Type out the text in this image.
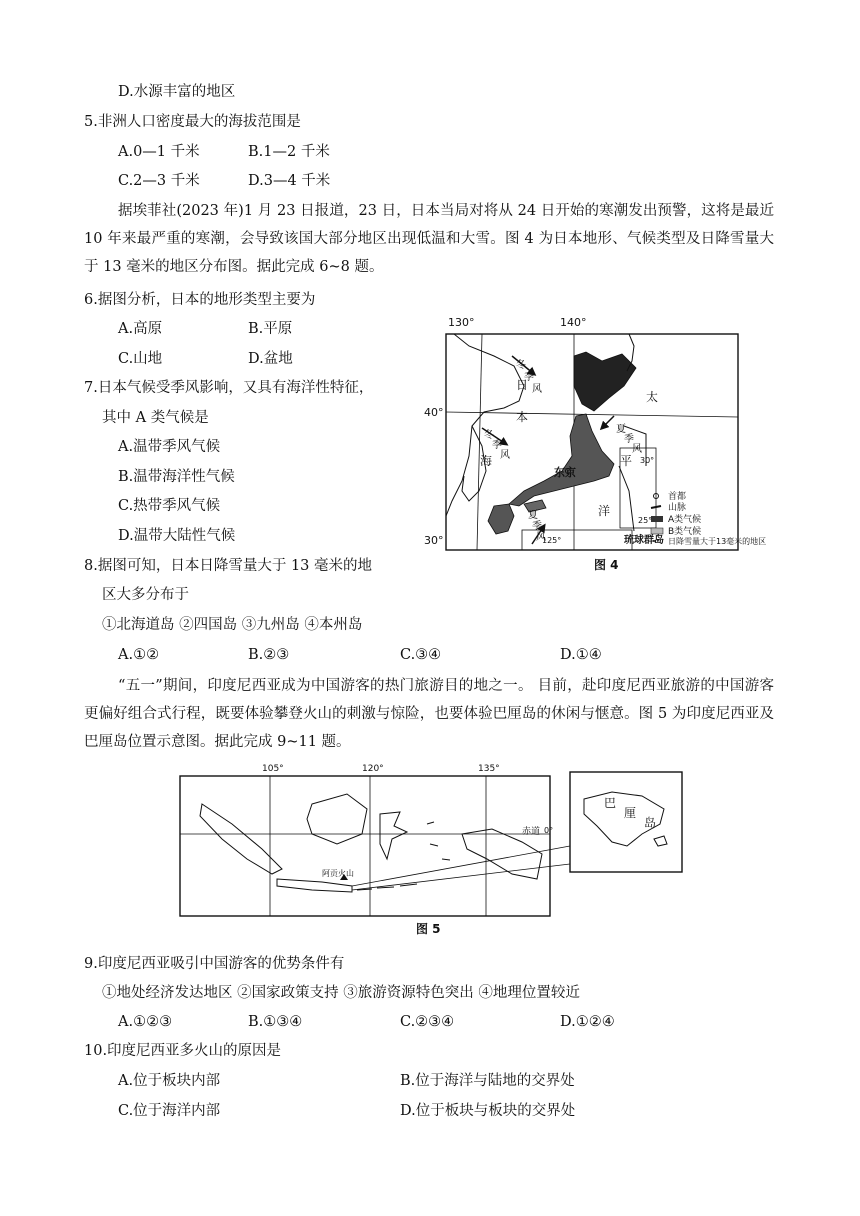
D.水源丰富的地区
5.非洲人口密度最大的海拔范围是
A.0—1 千米	B.1—2 千米
C.2—3 千米	D.3—4 千米
据埃菲社(2023 年)1 月 23 日报道，23 日，日本当局对将从 24 日开始的寒潮发出预警，这将是最近 10 年来最严重的寒潮，会导致该国大部分地区出现低温和大雪。图 4 为日本地形、气候类型及日降雪量大于 13 毫米的地区分布图。据此完成 6~8 题。
6.据图分析，日本的地形类型主要为
A.高原	B.平原
C.山地	D.盆地
7.日本气候受季风影响，又具有海洋性特征，
其中 A 类气候是
A.温带季风气候
B.温带海洋性气候
C.热带季风气候
D.温带大陆性气候
8.据图可知，日本日降雪量大于 13 毫米的地
区大多分布于
①北海道岛 ②四国岛 ③九州岛 ④本州岛
A.①②	B.②③	C.③④	D.①④
130°	140°
40°
30°
东京
琉球群岛
30°
25°
125°
冬
季
风
日
本
冬
季
风
海
太
平
洋
夏
季
风
夏
季
风
首都
山脉
A类气候
B类气候
日降雪量大于13毫米的地区
图 4
“五一”期间，印度尼西亚成为中国游客的热门旅游目的地之一。 目前，赴印度尼西亚旅游的中国游客更偏好组合式行程，既要体验攀登火山的刺激与惊险，也要体验巴厘岛的休闲与惬意。图 5 为印度尼西亚及巴厘岛位置示意图。据此完成 9~11 题。
105°	120°	135°
赤道 0°
阿贡火山
巴
厘
岛
图 5
9.印度尼西亚吸引中国游客的优势条件有
①地处经济发达地区 ②国家政策支持 ③旅游资源特色突出 ④地理位置较近
A.①②③	B.①③④	C.②③④	D.①②④
10.印度尼西亚多火山的原因是
A.位于板块内部	B.位于海洋与陆地的交界处
C.位于海洋内部	D.位于板块与板块的交界处
